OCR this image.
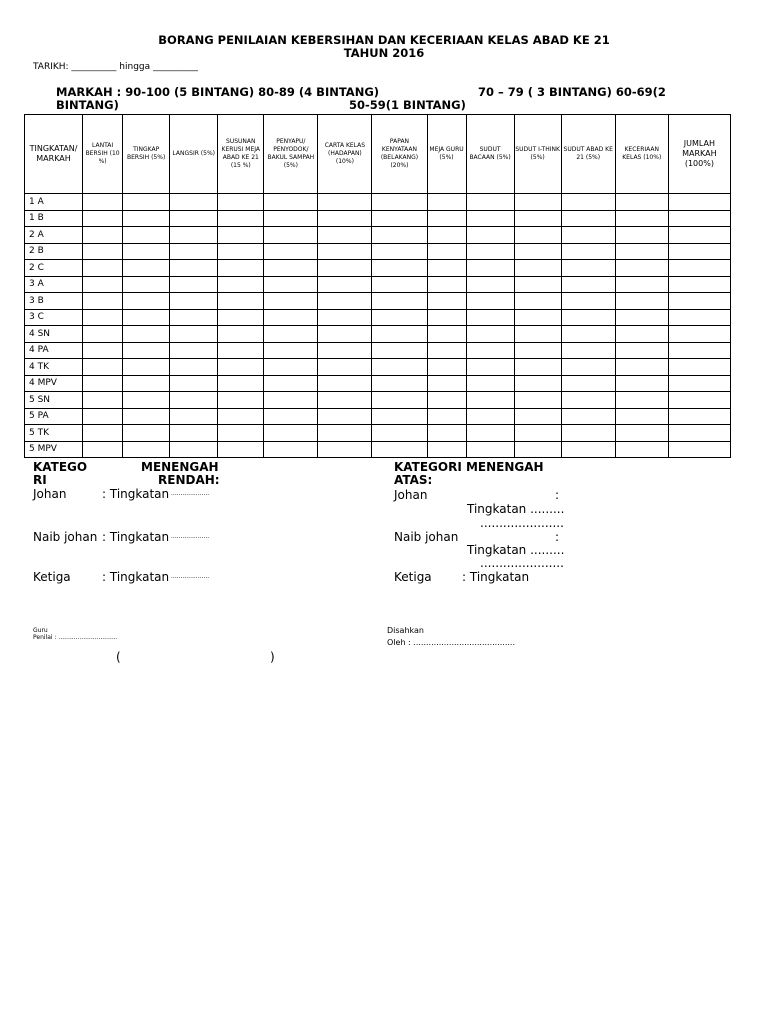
BORANG PENILAIAN KEBERSIHAN DAN KECERIAAN KELAS ABAD KE 21
TAHUN 2016
TARIKH: __________ hingga __________
MARKAH : 90-100 (5 BINTANG) 80-89 (4 BINTANG)	70 – 79 ( 3 BINTANG) 60-69(2
BINTANG)	50-59(1 BINTANG)
TINGKATAN/ MARKAH	LANTAI BERSIH (10 %)	TINGKAP BERSIH (5%)	LANGSIR (5%)	SUSUNAN KERUSI MEJA ABAD KE 21 (15 %)	PENYAPU/ PENYODOK/ BAKUL SAMPAH (5%)	CARTA KELAS (HADAPAN) (10%)	PAPAN KENYATAAN (BELAKANG) (20%)	MEJA GURU (5%)	SUDUT BACAAN (5%)	SUDUT I-THINK (5%)	SUDUT ABAD KE 21 (5%)	KECERIAAN KELAS (10%)	JUMLAH MARKAH (100%)
1 A													
1 B													
2 A													
2 B													
2 C													
3 A													
3 B													
3 C													
4 SN													
4 PA													
4 TK													
4 MPV													
5 SN													
5 PA													
5 TK													
5 MPV													
KATEGO	MENENGAH
RI	RENDAH:
Johan	: Tingkatan ....................
Naib johan : Tingkatan ....................
Ketiga	: Tingkatan ....................
KATEGORI MENENGAH
ATAS:
Johan	:
Tingkatan .........
......................
Naib johan	:
Tingkatan .........
......................
Ketiga	: Tingkatan
Guru
Penilai : ...............................
Disahkan
Oleh : ........................................
(	)
